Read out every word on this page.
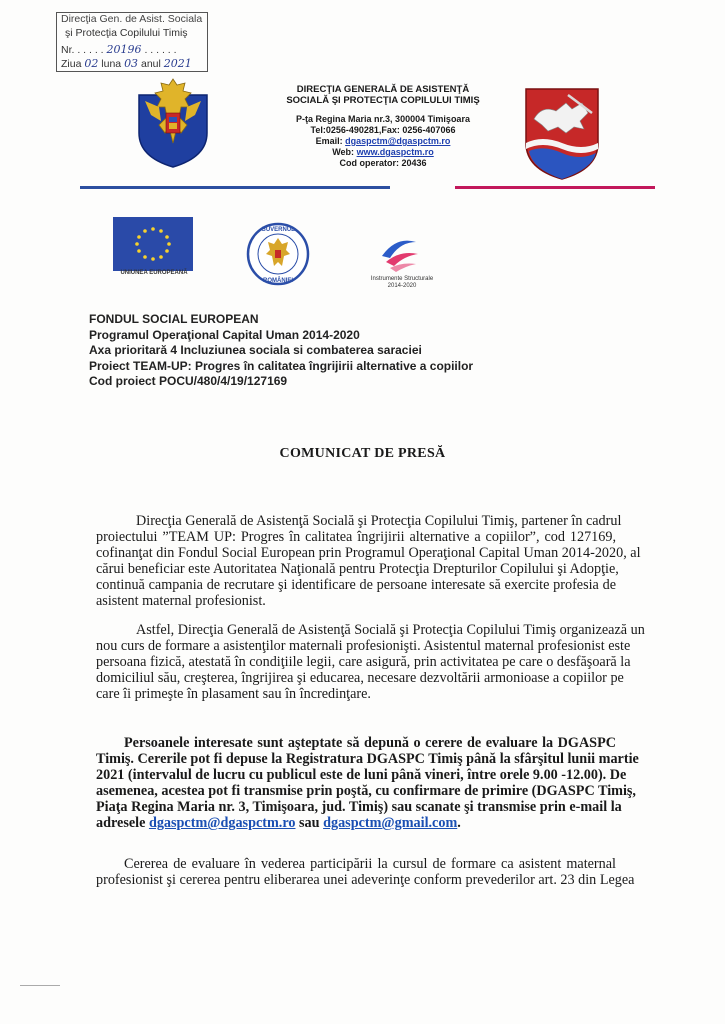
Direcţia Gen. de Asist. Sociala
şi Protecţia Copilului Timiş
Nr. . . . . . 20196 . . . . . .
Ziua 02 luna 03 anul 2021
DIRECŢIA GENERALĂ DE ASISTENŢĂ
SOCIALĂ ŞI PROTECŢIA COPILULUI TIMIŞ
P-ţa Regina Maria nr.3, 300004 Timişoara
Tel:0256-490281,Fax: 0256-407066
Email: dgaspctm@dgaspctm.ro
Web: www.dgaspctm.ro
Cod operator: 20436
UNIUNEA EUROPEANĂ
GUVERNUL
ROMÂNIEI	Instrumente Structurale
2014-2020
FONDUL SOCIAL EUROPEAN
Programul Operaţional Capital Uman 2014-2020
Axa prioritară 4 Incluziunea sociala si combaterea saraciei
Proiect TEAM-UP: Progres în calitatea îngrijirii alternative a copiilor
Cod proiect POCU/480/4/19/127169
COMUNICAT DE PRESĂ
Direcţia Generală de Asistenţă Socială şi Protecţia Copilului Timiş, partener în cadrul
proiectului ”TEAM UP: Progres în calitatea îngrijirii alternative a copiilor”, cod 127169,
cofinanţat din Fondul Social European prin Programul Operaţional Capital Uman 2014-2020, al
cărui beneficiar este Autoritatea Naţională pentru Protecţia Drepturilor Copilului şi Adopţie,
continuă campania de recrutare şi identificare de persoane interesate să exercite profesia de
asistent maternal profesionist.
Astfel, Direcţia Generală de Asistenţă Socială şi Protecţia Copilului Timiş organizează un
nou curs de formare a asistenţilor maternali profesionişti. Asistentul maternal profesionist este
persoana fizică, atestată în condiţiile legii, care asigură, prin activitatea pe care o desfăşoară la
domiciliul său, creşterea, îngrijirea şi educarea, necesare dezvoltării armonioase a copiilor pe
care îi primeşte în plasament sau în încredinţare.
Persoanele interesate sunt aşteptate să depună o cerere de evaluare la DGASPC
Timiş. Cererile pot fi depuse la Registratura DGASPC Timiş până la sfârşitul lunii martie
2021 (intervalul de lucru cu publicul este de luni până vineri, între orele 9.00 -12.00). De
asemenea, acestea pot fi transmise prin poştă, cu confirmare de primire (DGASPC Timiş,
Piaţa Regina Maria nr. 3, Timişoara, jud. Timiş) sau scanate şi transmise prin e-mail la
adresele dgaspctm@dgaspctm.ro sau dgaspctm@gmail.com.
Cererea de evaluare în vederea participării la cursul de formare ca asistent maternal
profesionist şi cererea pentru eliberarea unei adeverinţe conform prevederilor art. 23 din Legea
